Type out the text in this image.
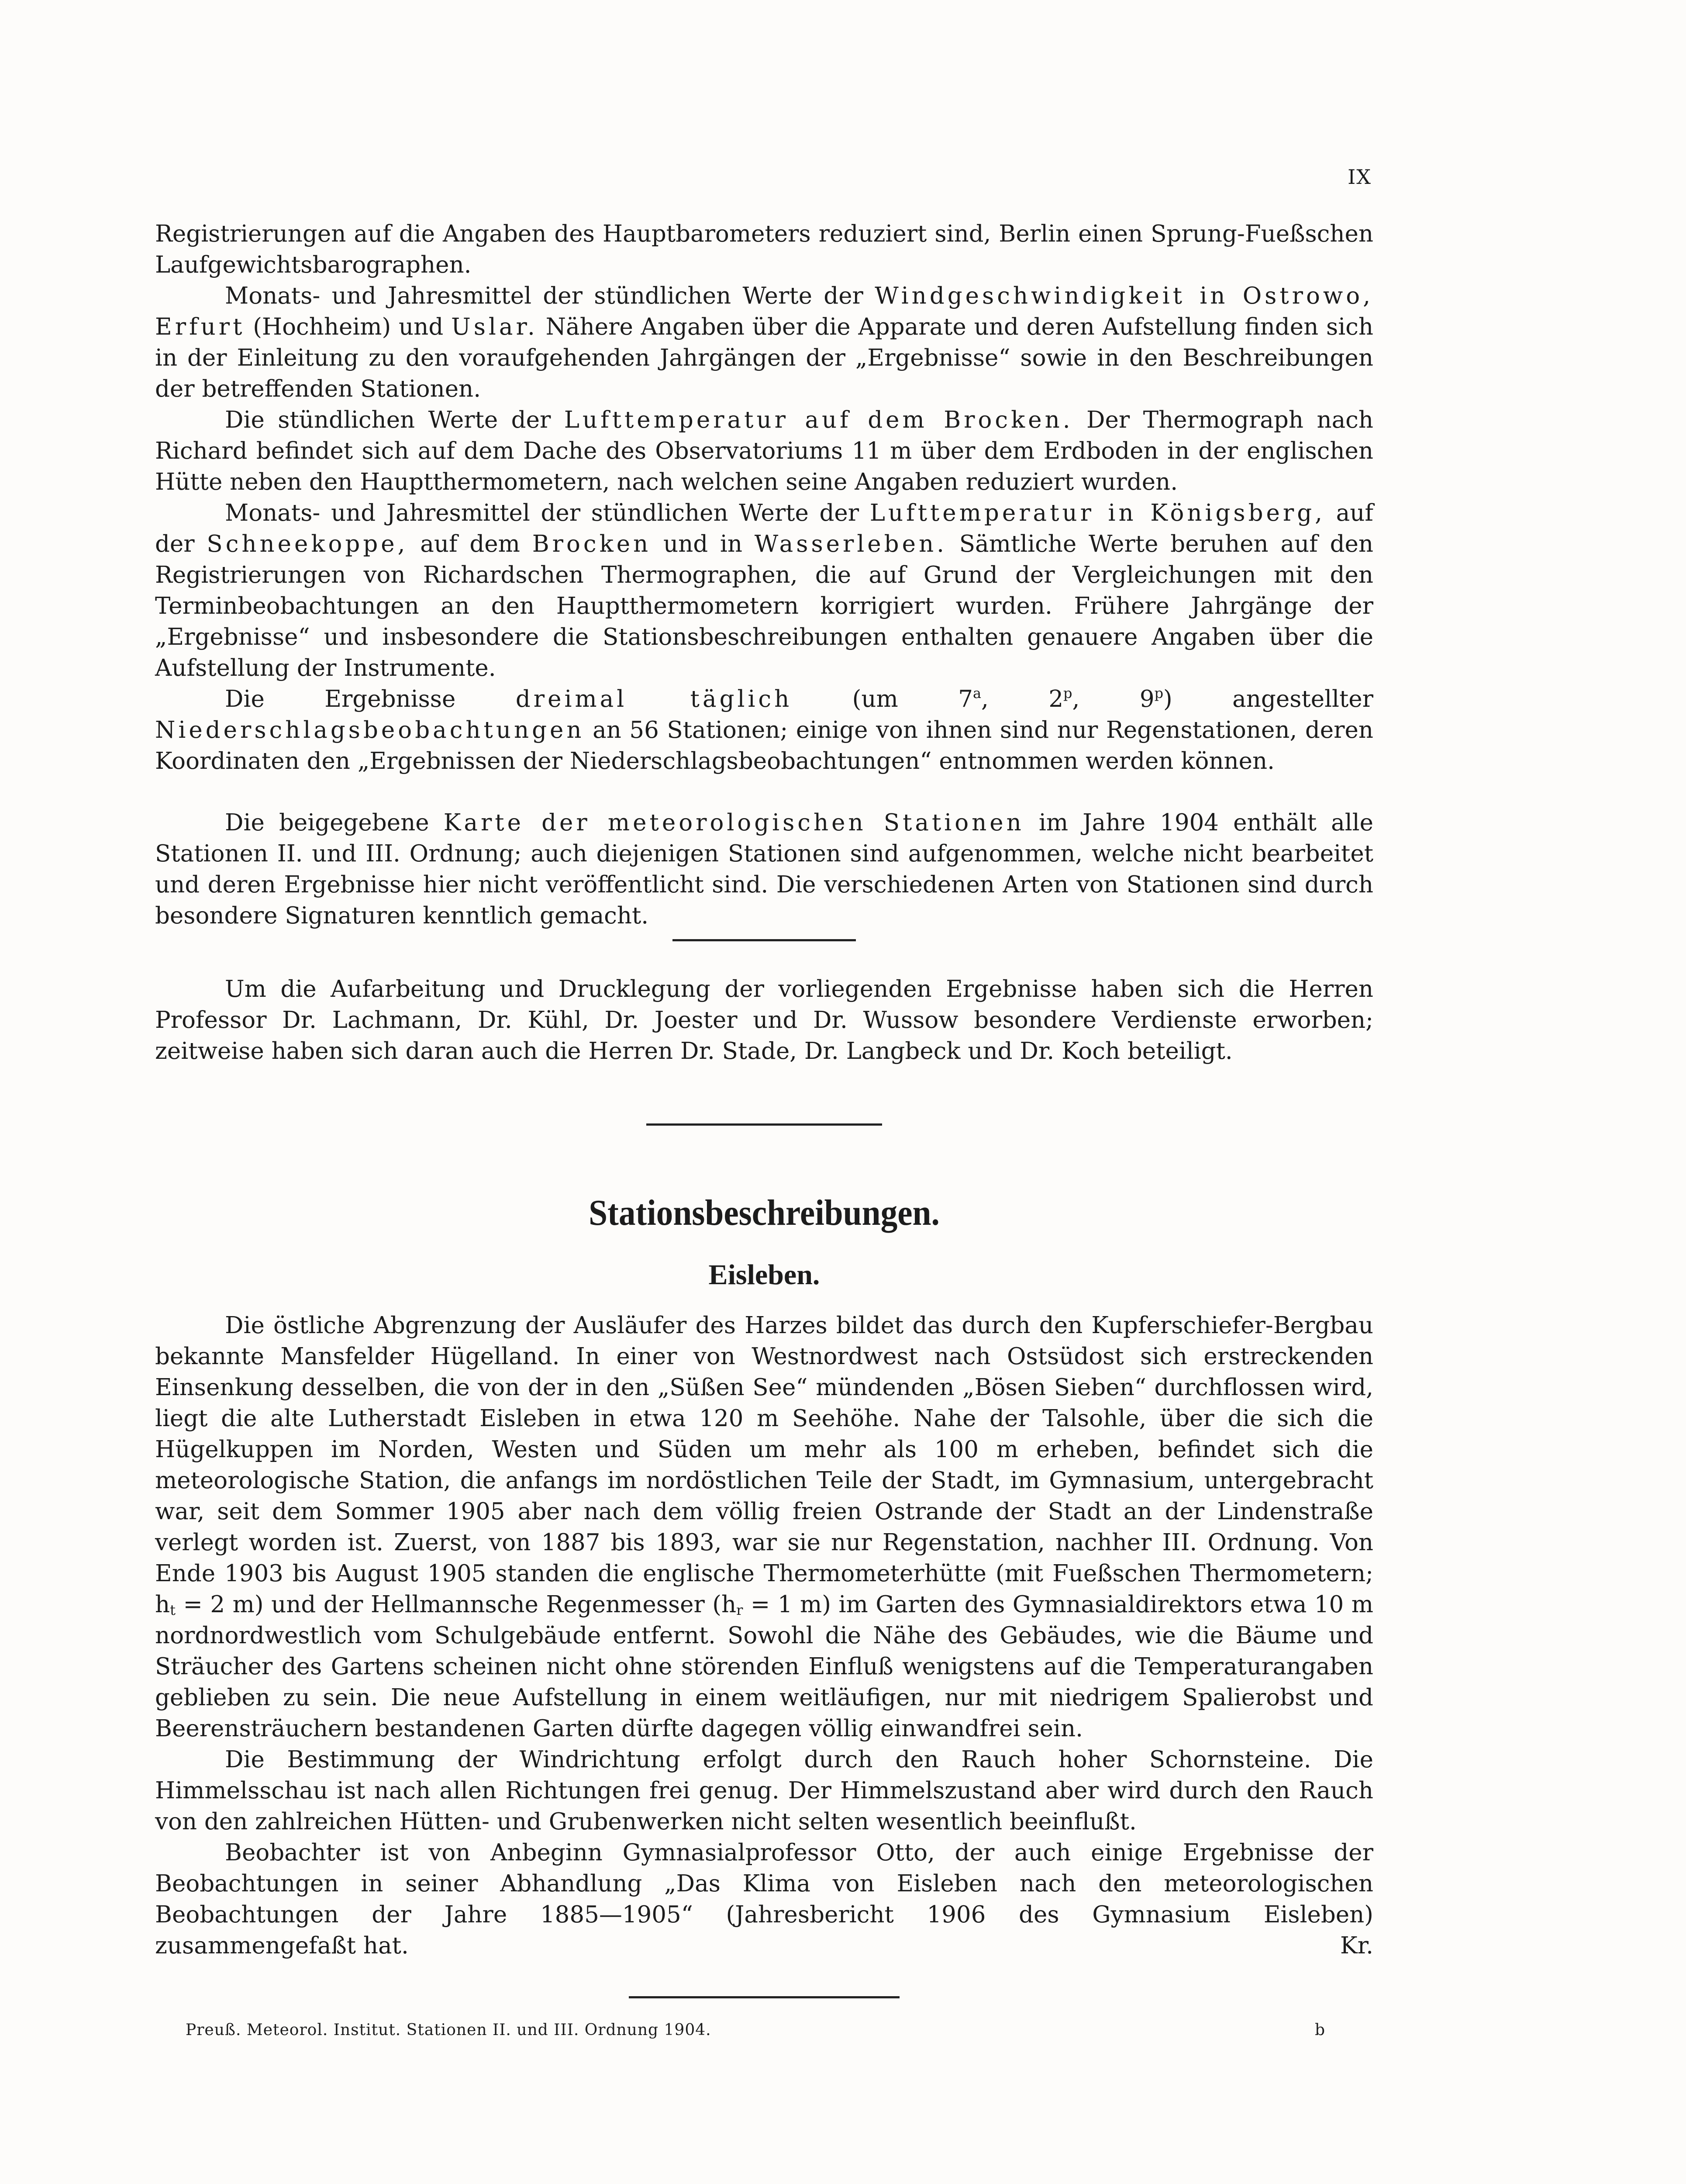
IX

Registrierungen auf die Angaben des Hauptbarometers reduziert sind, Berlin einen Sprung-Fueßschen Laufgewichtsbarographen.

Monats- und Jahresmittel der stündlichen Werte der Windgeschwindigkeit in Ostrowo, Erfurt (Hochheim) und Uslar. Nähere Angaben über die Apparate und deren Aufstellung finden sich in der Einleitung zu den voraufgehenden Jahrgängen der „Ergebnisse“ sowie in den Beschreibungen der betreffenden Stationen.

Die stündlichen Werte der Lufttemperatur auf dem Brocken. Der Thermograph nach Richard befindet sich auf dem Dache des Observatoriums 11 m über dem Erdboden in der englischen Hütte neben den Hauptthermometern, nach welchen seine Angaben reduziert wurden.

Monats- und Jahresmittel der stündlichen Werte der Lufttemperatur in Königsberg, auf der Schneekoppe, auf dem Brocken und in Wasserleben. Sämtliche Werte beruhen auf den Registrierungen von Richardschen Thermographen, die auf Grund der Vergleichungen mit den Terminbeobachtungen an den Hauptthermometern korrigiert wurden. Frühere Jahrgänge der „Ergebnisse“ und insbesondere die Stationsbeschreibungen enthalten genauere Angaben über die Aufstellung der Instrumente.

Die Ergebnisse dreimal täglich (um 7$^a$, 2$^p$, 9$^p$) angestellter Niederschlagsbeobachtungen an 56 Stationen; einige von ihnen sind nur Regenstationen, deren Koordinaten den „Ergebnissen der Niederschlagsbeobachtungen“ entnommen werden können.

Die beigegebene Karte der meteorologischen Stationen im Jahre 1904 enthält alle Stationen II. und III. Ordnung; auch diejenigen Stationen sind aufgenommen, welche nicht bearbeitet und deren Ergebnisse hier nicht veröffentlicht sind. Die verschiedenen Arten von Stationen sind durch besondere Signaturen kenntlich gemacht.

Um die Aufarbeitung und Drucklegung der vorliegenden Ergebnisse haben sich die Herren Professor Dr. Lachmann, Dr. Kühl, Dr. Joester und Dr. Wussow besondere Verdienste erworben; zeitweise haben sich daran auch die Herren Dr. Stade, Dr. Langbeck und Dr. Koch beteiligt.

Stationsbeschreibungen.
Eisleben.

Die östliche Abgrenzung der Ausläufer des Harzes bildet das durch den Kupferschiefer-Bergbau bekannte Mansfelder Hügelland. In einer von Westnordwest nach Ostsüdost sich erstreckenden Einsenkung desselben, die von der in den „Süßen See“ mündenden „Bösen Sieben“ durchflossen wird, liegt die alte Lutherstadt Eisleben in etwa 120 m Seehöhe. Nahe der Talsohle, über die sich die Hügelkuppen im Norden, Westen und Süden um mehr als 100 m erheben, befindet sich die meteorologische Station, die anfangs im nordöstlichen Teile der Stadt, im Gymnasium, untergebracht war, seit dem Sommer 1905 aber nach dem völlig freien Ostrande der Stadt an der Lindenstraße verlegt worden ist. Zuerst, von 1887 bis 1893, war sie nur Regenstation, nachher III. Ordnung. Von Ende 1903 bis August 1905 standen die englische Thermometerhütte (mit Fueßschen Thermometern; $h_t = 2$ m) und der Hellmannsche Regenmesser ($h_r = 1$ m) im Garten des Gymnasialdirektors etwa 10 m nordnordwestlich vom Schulgebäude entfernt. Sowohl die Nähe des Gebäudes, wie die Bäume und Sträucher des Gartens scheinen nicht ohne störenden Einfluß wenigstens auf die Temperaturangaben geblieben zu sein. Die neue Aufstellung in einem weitläufigen, nur mit niedrigem Spalierobst und Beerensträuchern bestandenen Garten dürfte dagegen völlig einwandfrei sein.

Die Bestimmung der Windrichtung erfolgt durch den Rauch hoher Schornsteine. Die Himmelsschau ist nach allen Richtungen frei genug. Der Himmelszustand aber wird durch den Rauch von den zahlreichen Hütten- und Grubenwerken nicht selten wesentlich beeinflußt.

Beobachter ist von Anbeginn Gymnasialprofessor Otto, der auch einige Ergebnisse der Beobachtungen in seiner Abhandlung „Das Klima von Eisleben nach den meteorologischen Beobachtungen der Jahre 1885—1905“ (Jahresbericht 1906 des Gymnasium Eisleben) zusammengefaßt hat.	Kr.

Preuß. Meteorol. Institut. Stationen II. und III. Ordnung 1904.	b
